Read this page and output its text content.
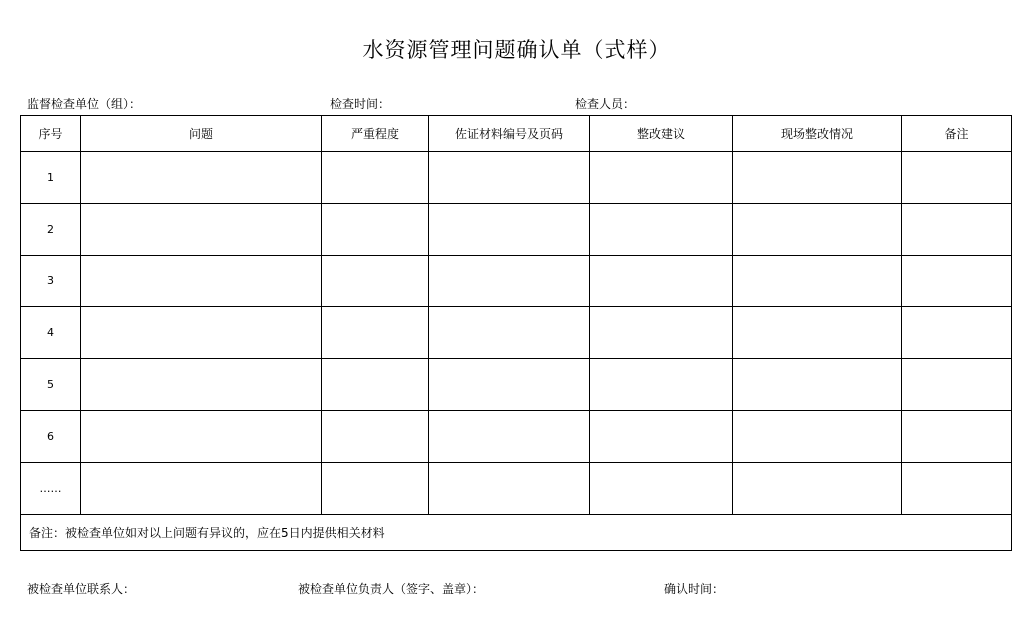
水资源管理问题确认单（式样）
监督检查单位（组）：	检查时间：	检查人员：
序号	问题	严重程度	佐证材料编号及页码	整改建议	现场整改情况	备注
1						
2						
3						
4						
5						
6						
……						
备注：被检查单位如对以上问题有异议的，应在5日内提供相关材料						
被检查单位联系人：	被检查单位负责人（签字、盖章）：	确认时间：
